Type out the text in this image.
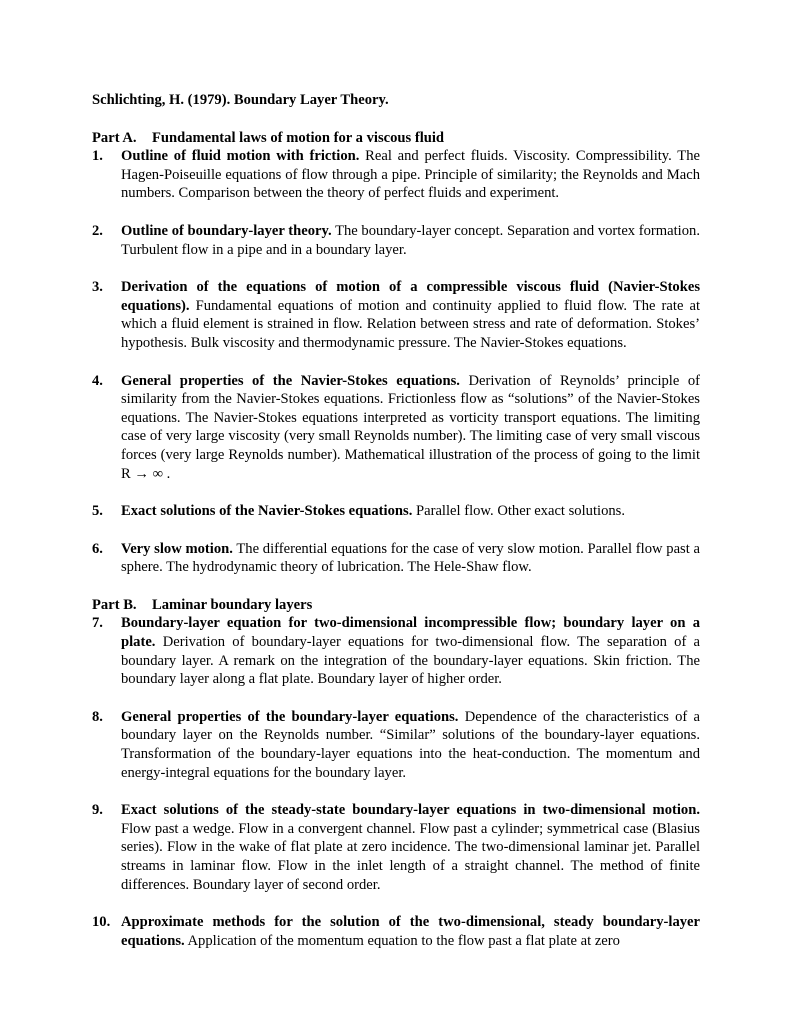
Schlichting, H. (1979). Boundary Layer Theory.

Part A. Fundamental laws of motion for a viscous fluid

1. Outline of fluid motion with friction. Real and perfect fluids. Viscosity. Compressibility. The Hagen-Poiseuille equations of flow through a pipe. Principle of similarity; the Reynolds and Mach numbers. Comparison between the theory of perfect fluids and experiment.
2. Outline of boundary-layer theory. The boundary-layer concept. Separation and vortex formation. Turbulent flow in a pipe and in a boundary layer.
3. Derivation of the equations of motion of a compressible viscous fluid (Navier-Stokes equations). Fundamental equations of motion and continuity applied to fluid flow. The rate at which a fluid element is strained in flow. Relation between stress and rate of deformation. Stokes’ hypothesis. Bulk viscosity and thermodynamic pressure. The Navier-Stokes equations.
4. General properties of the Navier-Stokes equations. Derivation of Reynolds’ principle of similarity from the Navier-Stokes equations. Frictionless flow as “solutions” of the Navier-Stokes equations. The Navier-Stokes equations interpreted as vorticity transport equations. The limiting case of very large viscosity (very small Reynolds number). The limiting case of very small viscous forces (very large Reynolds number). Mathematical illustration of the process of going to the limit R → ∞ .
5. Exact solutions of the Navier-Stokes equations. Parallel flow. Other exact solutions.
6. Very slow motion. The differential equations for the case of very slow motion. Parallel flow past a sphere. The hydrodynamic theory of lubrication. The Hele-Shaw flow.

Part B. Laminar boundary layers

7. Boundary-layer equation for two-dimensional incompressible flow; boundary layer on a plate. Derivation of boundary-layer equations for two-dimensional flow. The separation of a boundary layer. A remark on the integration of the boundary-layer equations. Skin friction. The boundary layer along a flat plate. Boundary layer of higher order.
8. General properties of the boundary-layer equations. Dependence of the characteristics of a boundary layer on the Reynolds number. “Similar” solutions of the boundary-layer equations. Transformation of the boundary-layer equations into the heat-conduction. The momentum and energy-integral equations for the boundary layer.
9. Exact solutions of the steady-state boundary-layer equations in two-dimensional motion. Flow past a wedge. Flow in a convergent channel. Flow past a cylinder; symmetrical case (Blasius series). Flow in the wake of flat plate at zero incidence. The two-dimensional laminar jet. Parallel streams in laminar flow. Flow in the inlet length of a straight channel. The method of finite differences. Boundary layer of second order.
10. Approximate methods for the solution of the two-dimensional, steady boundary-layer equations. Application of the momentum equation to the flow past a flat plate at zero
